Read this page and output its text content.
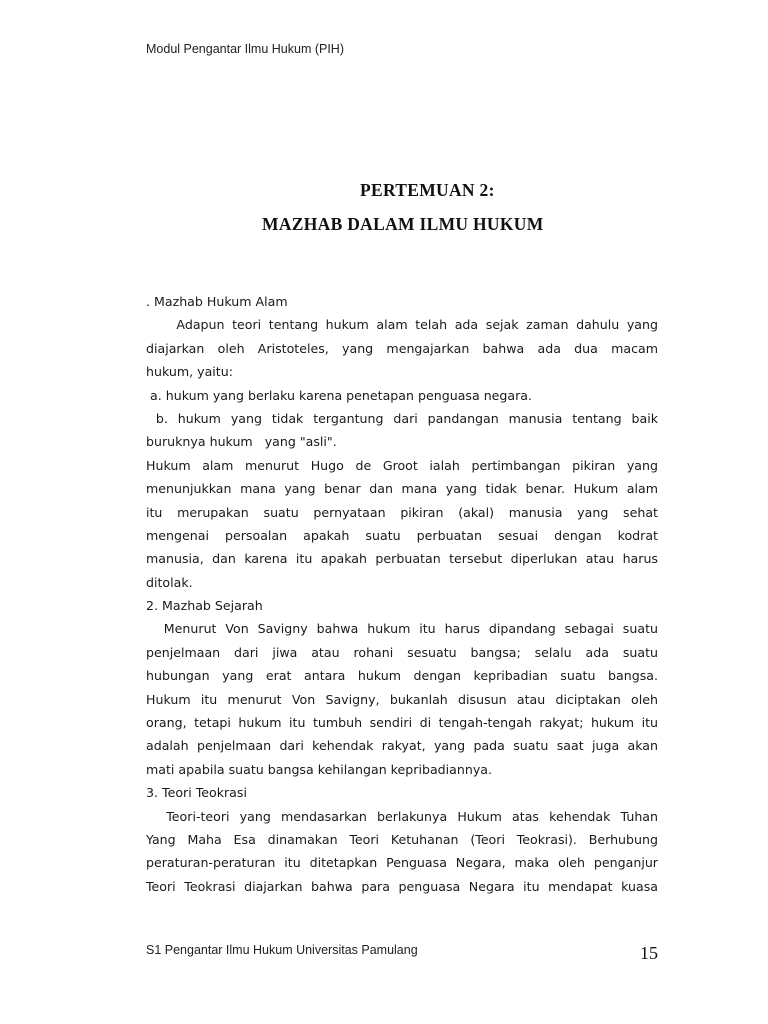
Modul Pengantar Ilmu Hukum (PIH)
PERTEMUAN 2:
MAZHAB DALAM ILMU HUKUM
. Mazhab Hukum Alam
Adapun teori tentang hukum alam telah ada sejak zaman dahulu yang
diajarkan oleh Aristoteles, yang mengajarkan bahwa ada dua macam
hukum, yaitu:
a. hukum yang berlaku karena penetapan penguasa negara.
b. hukum yang tidak tergantung dari pandangan manusia tentang baik
buruknya hukum   yang "asli".
Hukum alam menurut Hugo de Groot ialah pertimbangan pikiran yang
menunjukkan mana yang benar dan mana yang tidak benar. Hukum alam
itu merupakan suatu pernyataan pikiran (akal) manusia yang sehat
mengenai persoalan apakah suatu perbuatan sesuai dengan kodrat
manusia, dan karena itu apakah perbuatan tersebut diperlukan atau harus
ditolak.
2. Mazhab Sejarah
Menurut Von Savigny bahwa hukum itu harus dipandang sebagai suatu
penjelmaan dari jiwa atau rohani sesuatu bangsa; selalu ada suatu
hubungan yang erat antara hukum dengan kepribadian suatu bangsa.
Hukum itu menurut Von Savigny, bukanlah disusun atau diciptakan oleh
orang, tetapi hukum itu tumbuh sendiri di tengah-tengah rakyat; hukum itu
adalah penjelmaan dari kehendak rakyat, yang pada suatu saat juga akan
mati apabila suatu bangsa kehilangan kepribadiannya.
3. Teori Teokrasi
Teori-teori yang mendasarkan berlakunya Hukum atas kehendak Tuhan
Yang Maha Esa dinamakan Teori Ketuhanan (Teori Teokrasi). Berhubung
peraturan-peraturan itu ditetapkan Penguasa Negara, maka oleh penganjur
Teori Teokrasi diajarkan bahwa para penguasa Negara itu mendapat kuasa
S1 Pengantar Ilmu Hukum Universitas Pamulang	15
